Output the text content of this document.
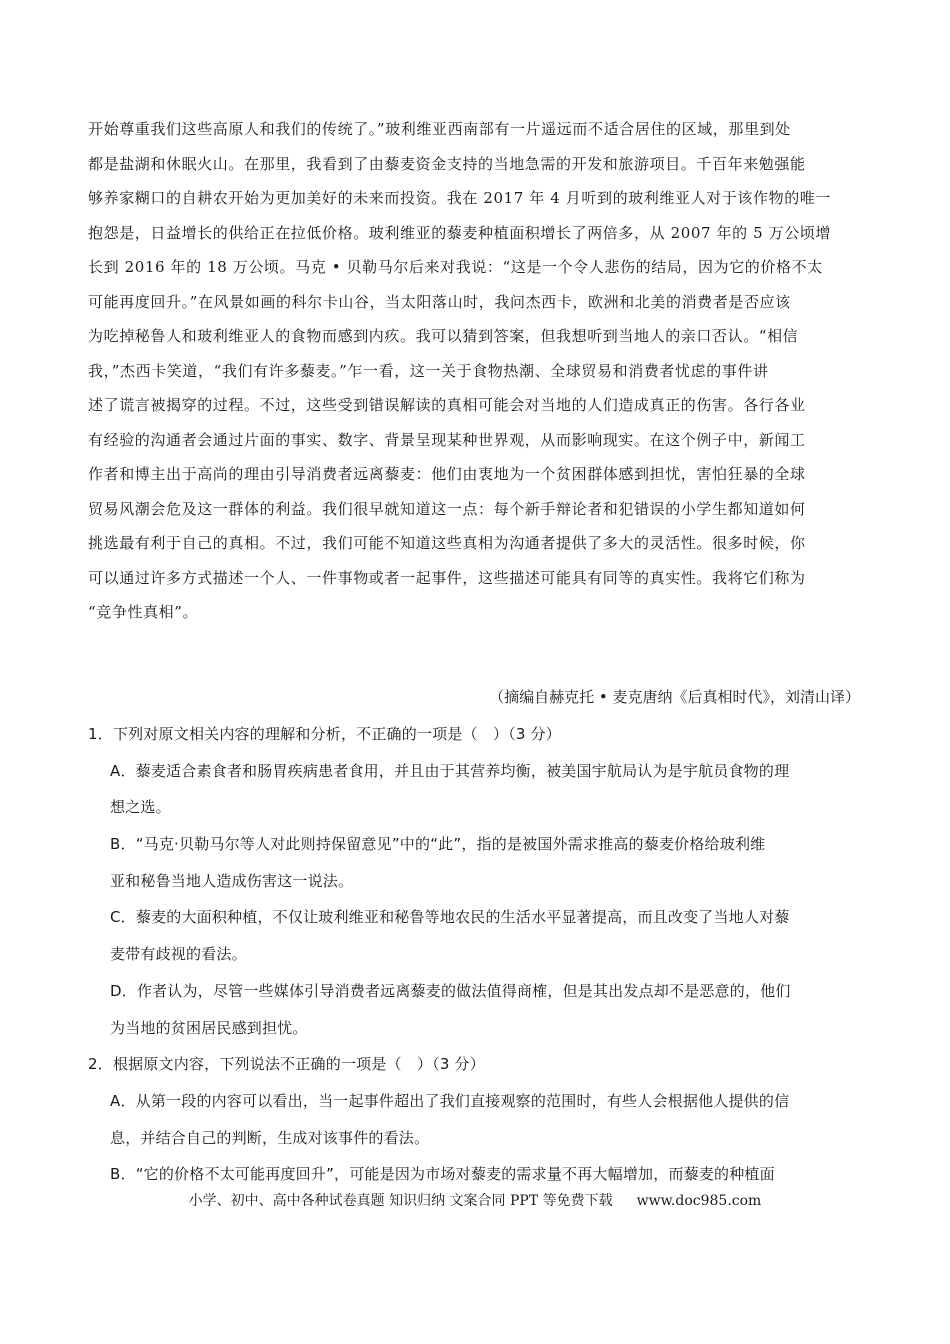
开始尊重我们这些高原人和我们的传统了。”玻利维亚西南部有一片遥远而不适合居住的区域，那里到处
都是盐湖和休眠火山。在那里，我看到了由藜麦资金支持的当地急需的开发和旅游项目。千百年来勉强能
够养家糊口的自耕农开始为更加美好的未来而投资。我在 2017 年 4 月听到的玻利维亚人对于该作物的唯一
抱怨是，日益增长的供给正在拉低价格。玻利维亚的藜麦种植面积增长了两倍多，从 2007 年的 5 万公顷增
长到 2016 年的 18 万公顷。马克 • 贝勒马尔后来对我说：“这是一个令人悲伤的结局，因为它的价格不太
可能再度回升。”在风景如画的科尔卡山谷，当太阳落山时，我问杰西卡，欧洲和北美的消费者是否应该
为吃掉秘鲁人和玻利维亚人的食物而感到内疚。我可以猜到答案，但我想听到当地人的亲口否认。“相信
我，”杰西卡笑道，“我们有许多藜麦。”乍一看，这一关于食物热潮、全球贸易和消费者忧虑的事件讲
述了谎言被揭穿的过程。不过，这些受到错误解读的真相可能会对当地的人们造成真正的伤害。各行各业
有经验的沟通者会通过片面的事实、数字、背景呈现某种世界观，从而影响现实。在这个例子中，新闻工
作者和博主出于高尚的理由引导消费者远离藜麦：他们由衷地为一个贫困群体感到担忧，害怕狂暴的全球
贸易风潮会危及这一群体的利益。我们很早就知道这一点：每个新手辩论者和犯错误的小学生都知道如何
挑选最有利于自己的真相。不过，我们可能不知道这些真相为沟通者提供了多大的灵活性。很多时候，你
可以通过许多方式描述一个人、一件事物或者一起事件，这些描述可能具有同等的真实性。我将它们称为
“竞争性真相”。
（摘编自赫克托 • 麦克唐纳《后真相时代》，刘清山译）
1．下列对原文相关内容的理解和分析，不正确的一项是（　）（3 分）
A．藜麦适合素食者和肠胃疾病患者食用，并且由于其营养均衡，被美国宇航局认为是宇航员食物的理
想之选。
B．“马克·贝勒马尔等人对此则持保留意见”中的“此”，指的是被国外需求推高的藜麦价格给玻利维
亚和秘鲁当地人造成伤害这一说法。
C．藜麦的大面积种植，不仅让玻利维亚和秘鲁等地农民的生活水平显著提高，而且改变了当地人对藜
麦带有歧视的看法。
D．作者认为，尽管一些媒体引导消费者远离藜麦的做法值得商榷，但是其出发点却不是恶意的，他们
为当地的贫困居民感到担忧。
2．根据原文内容，下列说法不正确的一项是（　）（3 分）
A．从第一段的内容可以看出，当一起事件超出了我们直接观察的范围时，有些人会根据他人提供的信
息，并结合自己的判断，生成对该事件的看法。
B．“它的价格不太可能再度回升”，可能是因为市场对藜麦的需求量不再大幅增加，而藜麦的种植面
小学、初中、高中各种试卷真题 知识归纳 文案合同 PPT 等免费下载 www.doc985.com
